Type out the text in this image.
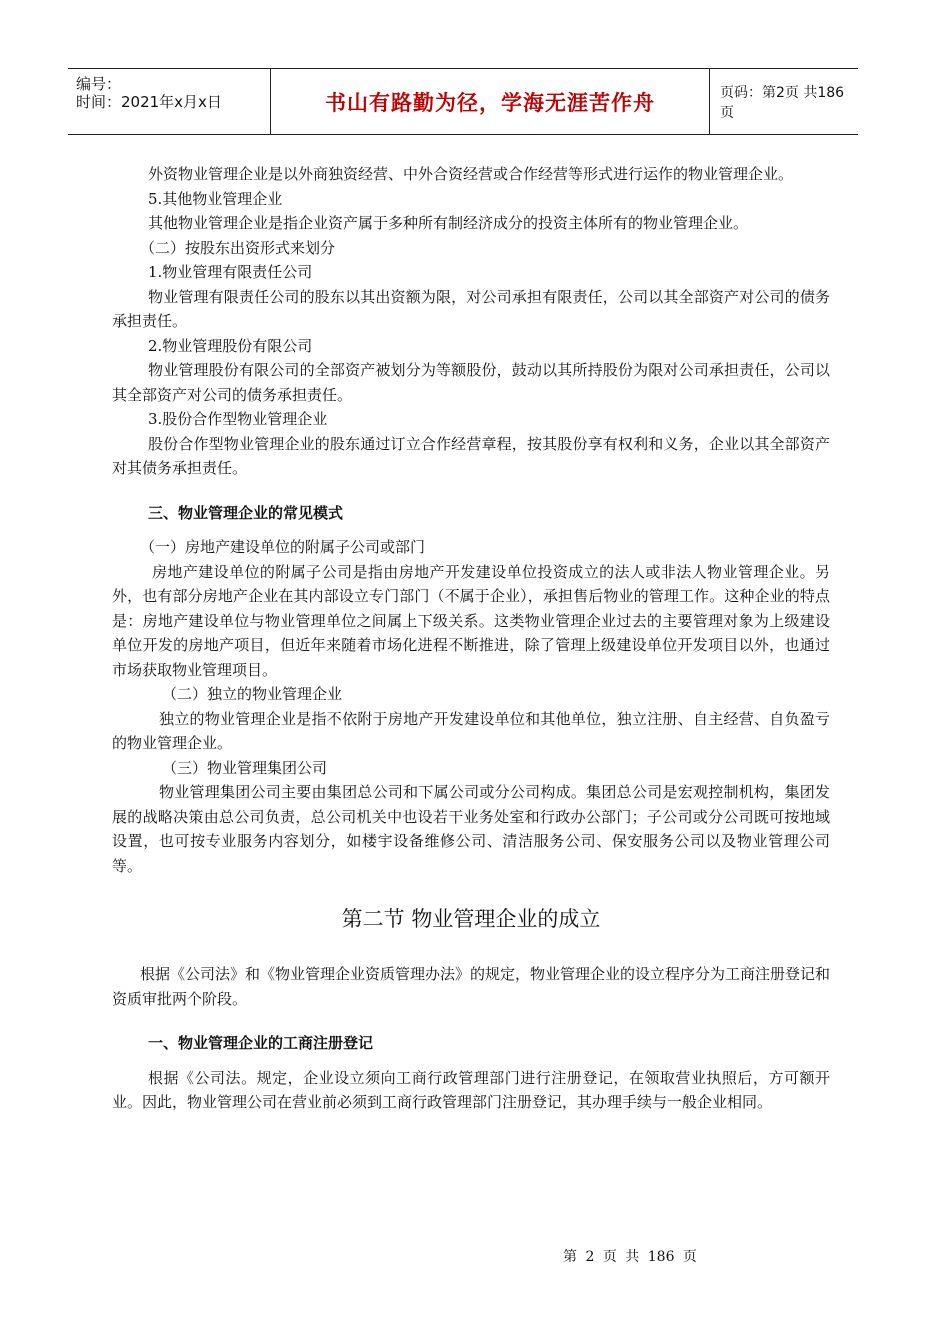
编号：
时间：2021年x月x日	书山有路勤为径，学海无涯苦作舟	页码：第2页 共186页

外资物业管理企业是以外商独资经营、中外合资经营或合作经营等形式进行运作的物业管理企业。

5.其他物业管理企业

其他物业管理企业是指企业资产属于多种所有制经济成分的投资主体所有的物业管理企业。

（二）按股东出资形式来划分

1.物业管理有限责任公司

物业管理有限责任公司的股东以其出资额为限，对公司承担有限责任，公司以其全部资产对公司的债务承担责任。

2.物业管理股份有限公司

物业管理股份有限公司的全部资产被划分为等额股份，鼓动以其所持股份为限对公司承担责任，公司以其全部资产对公司的债务承担责任。

3.股份合作型物业管理企业

股份合作型物业管理企业的股东通过订立合作经营章程，按其股份享有权利和义务，企业以其全部资产对其债务承担责任。

三、物业管理企业的常见模式

（一）房地产建设单位的附属子公司或部门

房地产建设单位的附属子公司是指由房地产开发建设单位投资成立的法人或非法人物业管理企业。另外，也有部分房地产企业在其内部设立专门部门（不属于企业），承担售后物业的管理工作。这种企业的特点是：房地产建设单位与物业管理单位之间属上下级关系。这类物业管理企业过去的主要管理对象为上级建设单位开发的房地产项目，但近年来随着市场化进程不断推进，除了管理上级建设单位开发项目以外，也通过市场获取物业管理项目。

（二）独立的物业管理企业

独立的物业管理企业是指不依附于房地产开发建设单位和其他单位，独立注册、自主经营、自负盈亏的物业管理企业。

（三）物业管理集团公司

物业管理集团公司主要由集团总公司和下属公司或分公司构成。集团总公司是宏观控制机构，集团发展的战略决策由总公司负责，总公司机关中也设若干业务处室和行政办公部门；子公司或分公司既可按地域设置，也可按专业服务内容划分，如楼宇设备维修公司、清洁服务公司、保安服务公司以及物业管理公司等。

第二节 物业管理企业的成立

根据《公司法》和《物业管理企业资质管理办法》的规定，物业管理企业的设立程序分为工商注册登记和资质审批两个阶段。

一、物业管理企业的工商注册登记

根据《公司法。规定，企业设立须向工商行政管理部门进行注册登记，在领取营业执照后，方可额开业。因此，物业管理公司在营业前必须到工商行政管理部门注册登记，其办理手续与一般企业相同。

第 2 页 共 186 页
